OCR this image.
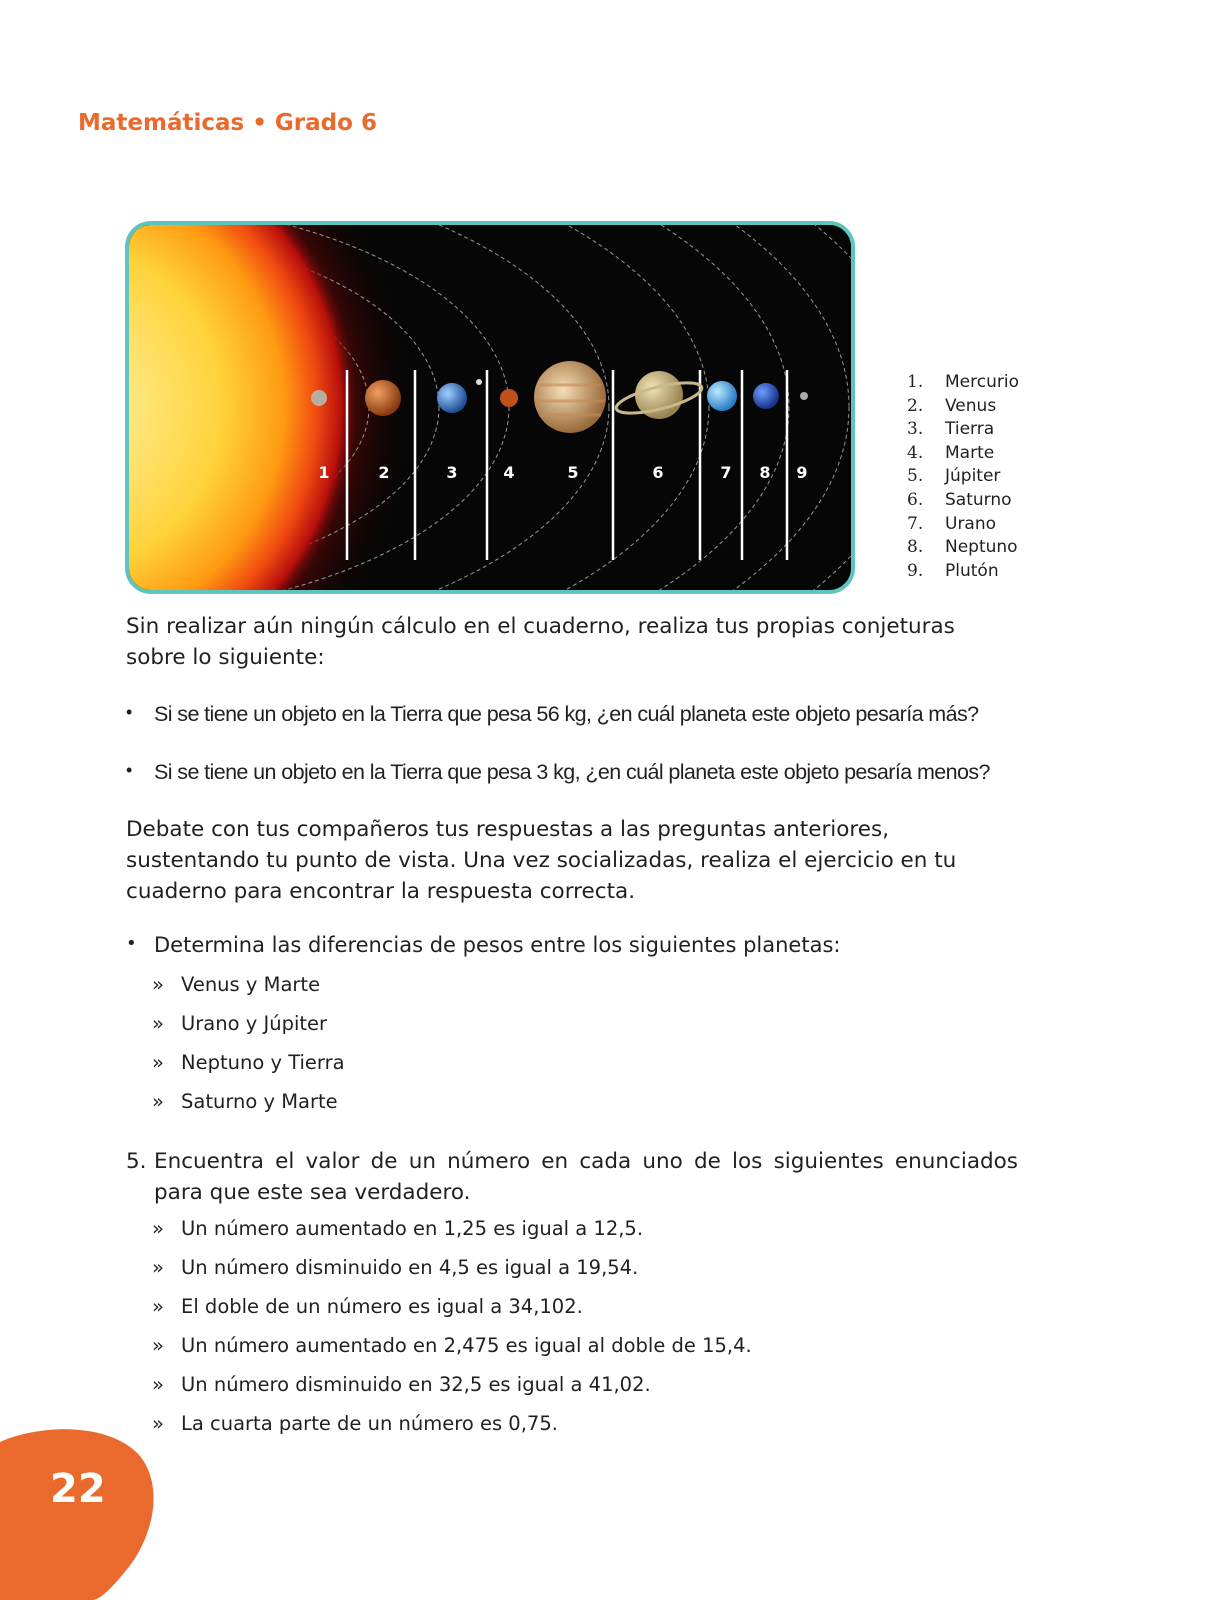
Matemáticas • Grado 6
1	2	3	4	5	6	7 8 9
1. Mercurio
2. Venus
3. Tierra
4. Marte
5. Júpiter
6. Saturno
7. Urano
8. Neptuno
9. Plutón
Sin realizar aún ningún cálculo en el cuaderno, realiza tus propias conjeturas sobre lo siguiente:
• Si se tiene un objeto en la Tierra que pesa 56 kg, ¿en cuál planeta este objeto pesaría más?
• Si se tiene un objeto en la Tierra que pesa 3 kg, ¿en cuál planeta este objeto pesaría menos?
Debate con tus compañeros tus respuestas a las preguntas anteriores, sustentando tu punto de vista. Una vez socializadas, realiza el ejercicio en tu cuaderno para encontrar la respuesta correcta.
• Determina las diferencias de pesos entre los siguientes planetas:
» Venus y Marte
» Urano y Júpiter
» Neptuno y Tierra
» Saturno y Marte
5. Encuentra el valor de un número en cada uno de los siguientes enunciados para que este sea verdadero.
» Un número aumentado en 1,25 es igual a 12,5.
» Un número disminuido en 4,5 es igual a 19,54.
» El doble de un número es igual a 34,102.
» Un número aumentado en 2,475 es igual al doble de 15,4.
» Un número disminuido en 32,5 es igual a 41,02.
» La cuarta parte de un número es 0,75.
22
